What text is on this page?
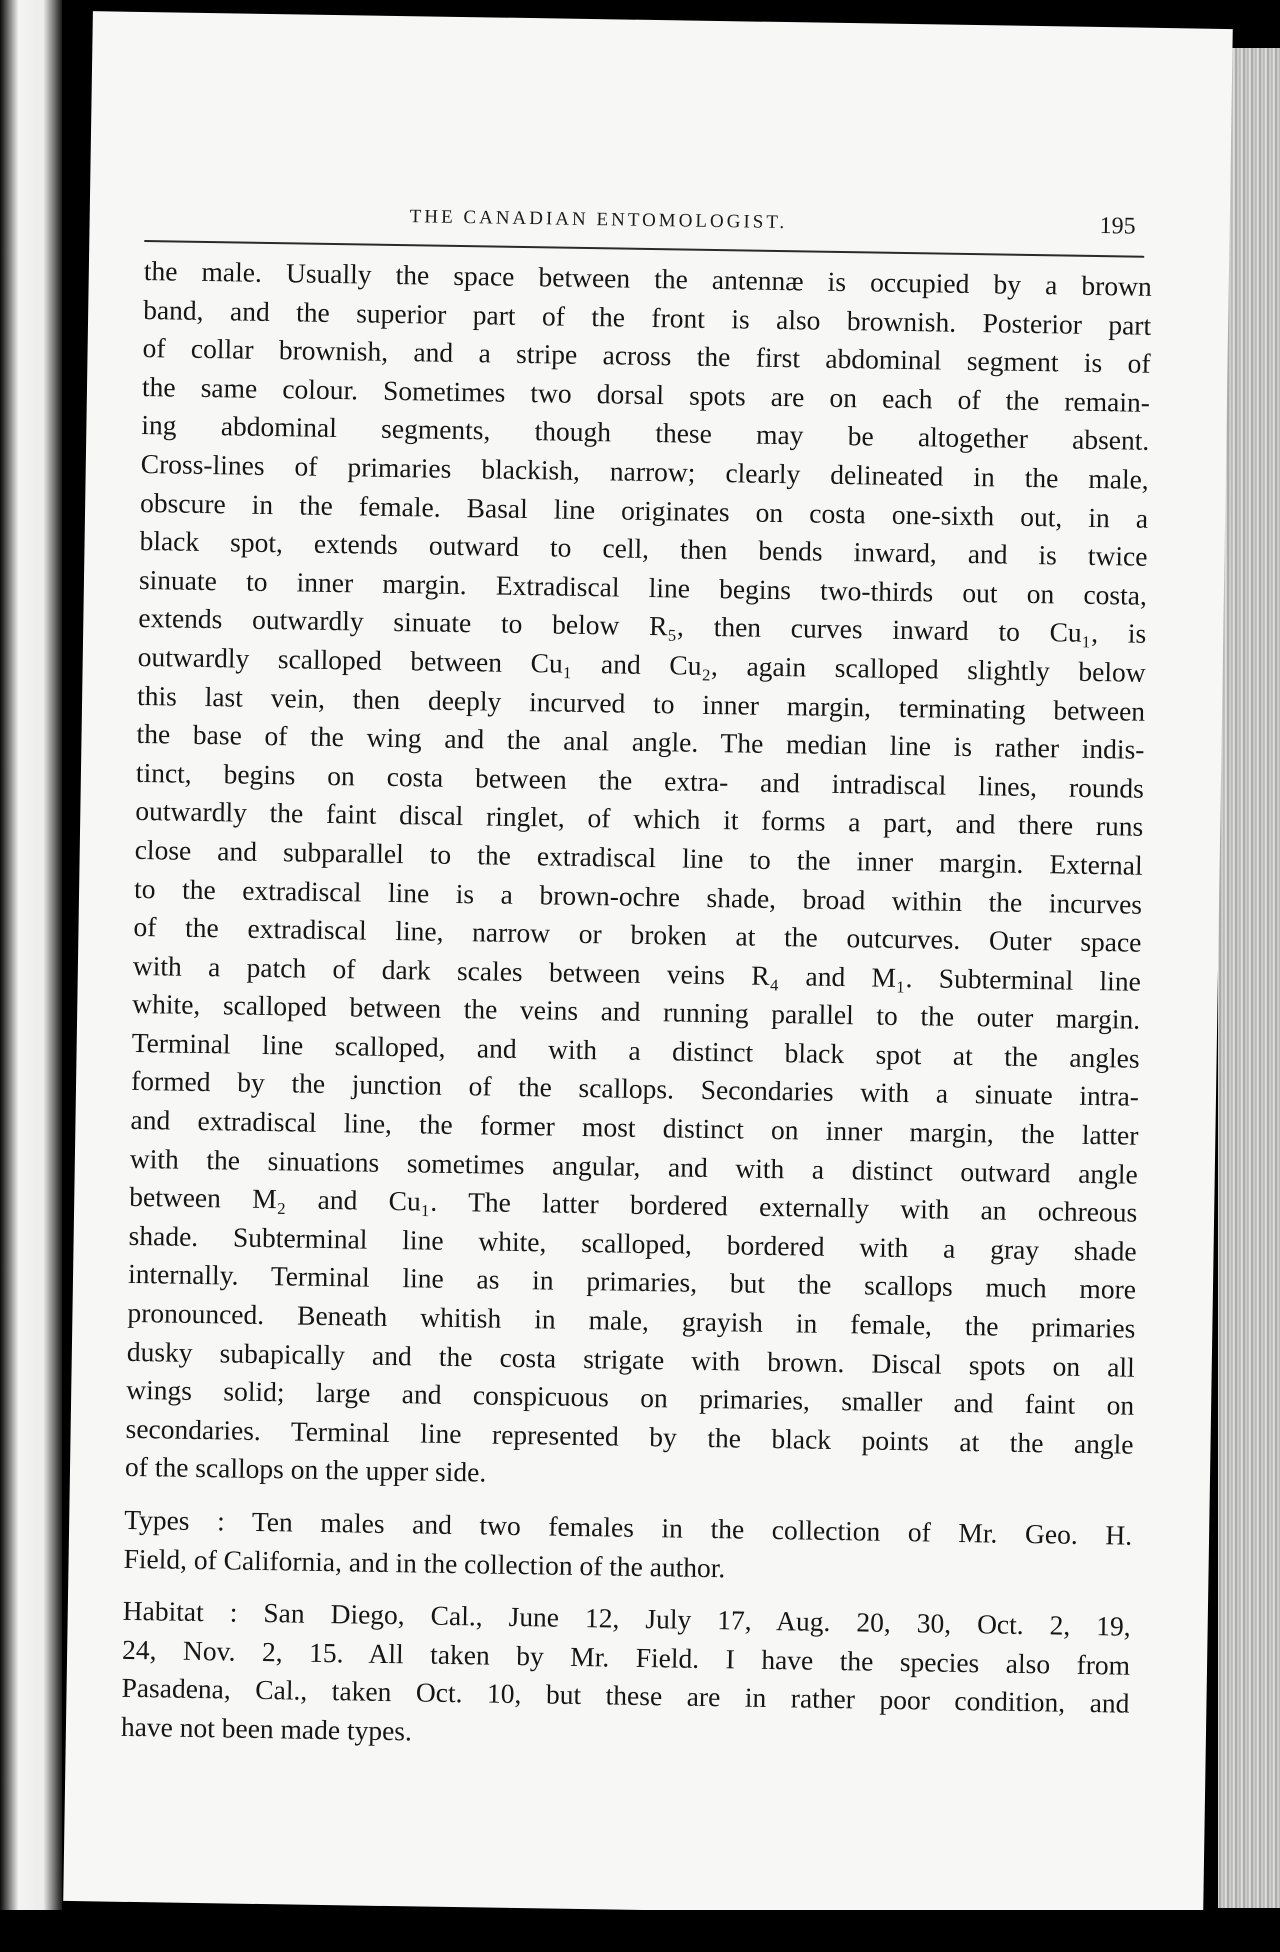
THE CANADIAN ENTOMOLOGIST.	195
the male. Usually the space between the antennæ is occupied by a brown
band, and the superior part of the front is also brownish. Posterior part
of collar brownish, and a stripe across the first abdominal segment is of
the same colour. Sometimes two dorsal spots are on each of the remain-
ing abdominal segments, though these may be altogether absent.
Cross-lines of primaries blackish, narrow; clearly delineated in the male,
obscure in the female. Basal line originates on costa one-sixth out, in a
black spot, extends outward to cell, then bends inward, and is twice
sinuate to inner margin. Extradiscal line begins two-thirds out on costa,
extends outwardly sinuate to below R₅, then curves inward to Cu₁, is
outwardly scalloped between Cu₁ and Cu₂, again scalloped slightly below
this last vein, then deeply incurved to inner margin, terminating between
the base of the wing and the anal angle. The median line is rather indis-
tinct, begins on costa between the extra- and intradiscal lines, rounds
outwardly the faint discal ringlet, of which it forms a part, and there runs
close and subparallel to the extradiscal line to the inner margin. External
to the extradiscal line is a brown-ochre shade, broad within the incurves
of the extradiscal line, narrow or broken at the outcurves. Outer space
with a patch of dark scales between veins R₄ and M₁. Subterminal line
white, scalloped between the veins and running parallel to the outer margin.
Terminal line scalloped, and with a distinct black spot at the angles
formed by the junction of the scallops. Secondaries with a sinuate intra-
and extradiscal line, the former most distinct on inner margin, the latter
with the sinuations sometimes angular, and with a distinct outward angle
between M₂ and Cu₁. The latter bordered externally with an ochreous
shade. Subterminal line white, scalloped, bordered with a gray shade
internally. Terminal line as in primaries, but the scallops much more
pronounced. Beneath whitish in male, grayish in female, the primaries
dusky subapically and the costa strigate with brown. Discal spots on all
wings solid; large and conspicuous on primaries, smaller and faint on
secondaries. Terminal line represented by the black points at the angle
of the scallops on the upper side.
Types : Ten males and two females in the collection of Mr. Geo. H.
Field, of California, and in the collection of the author.
Habitat : San Diego, Cal., June 12, July 17, Aug. 20, 30, Oct. 2, 19,
24, Nov. 2, 15. All taken by Mr. Field. I have the species also from
Pasadena, Cal., taken Oct. 10, but these are in rather poor condition, and
have not been made types.
